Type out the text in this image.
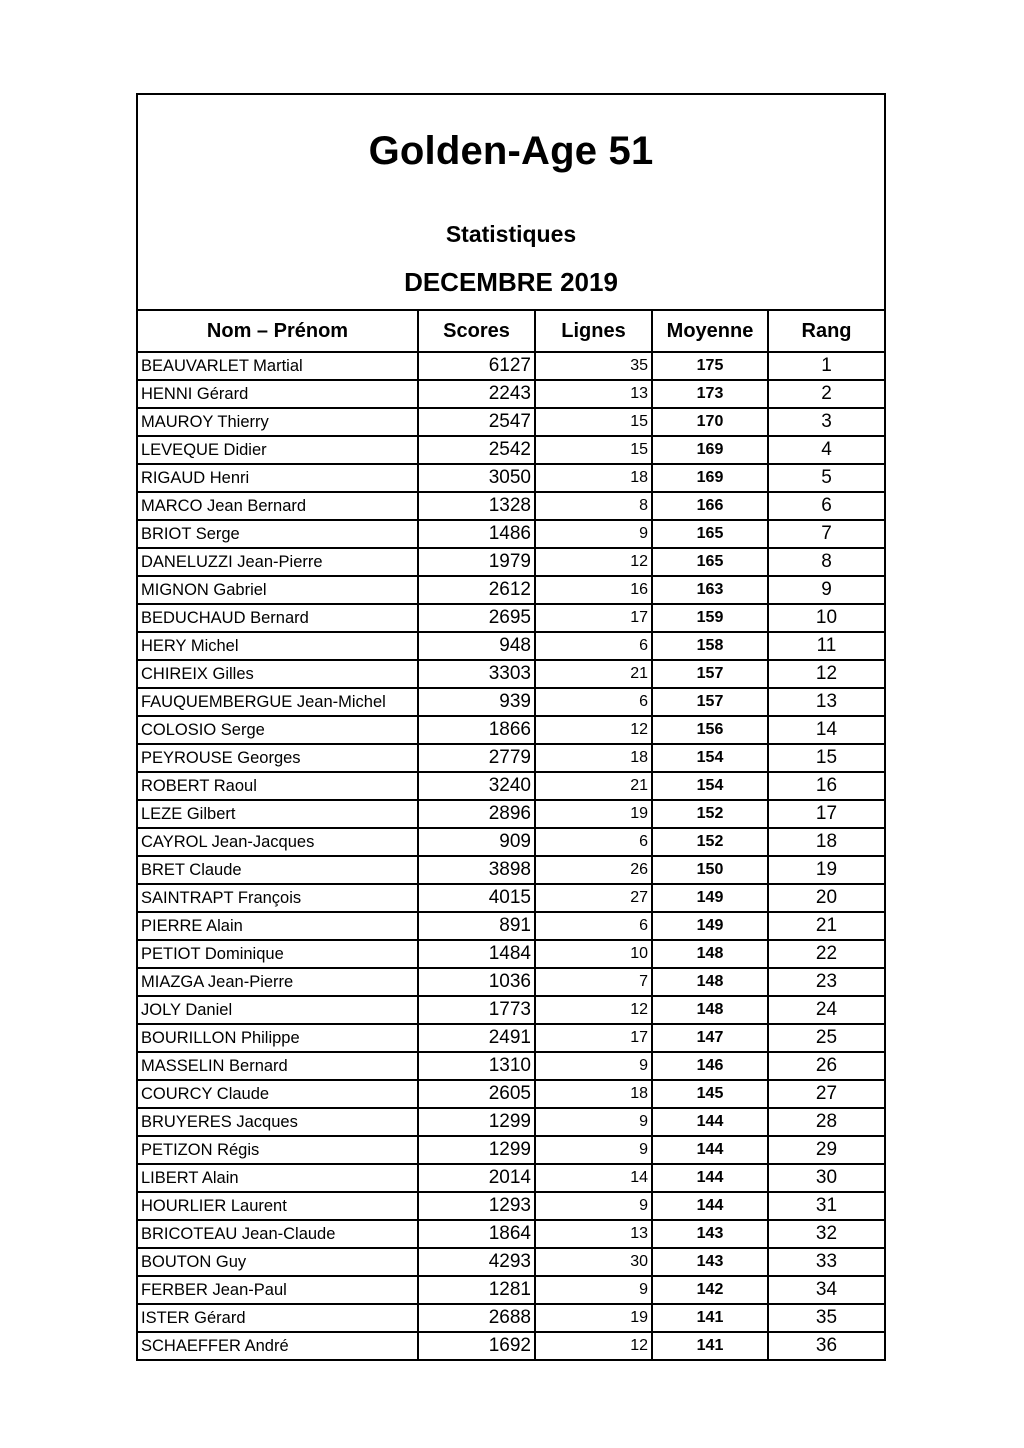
Golden-Age 51
Statistiques
DECEMBRE 2019
Nom – Prénom	Scores	Lignes	Moyenne	Rang
BEAUVARLET Martial	6127	35	175	1
HENNI Gérard	2243	13	173	2
MAUROY Thierry	2547	15	170	3
LEVEQUE Didier	2542	15	169	4
RIGAUD Henri	3050	18	169	5
MARCO Jean Bernard	1328	8	166	6
BRIOT Serge	1486	9	165	7
DANELUZZI Jean-Pierre	1979	12	165	8
MIGNON Gabriel	2612	16	163	9
BEDUCHAUD Bernard	2695	17	159	10
HERY Michel	948	6	158	11
CHIREIX Gilles	3303	21	157	12
FAUQUEMBERGUE Jean-Michel	939	6	157	13
COLOSIO Serge	1866	12	156	14
PEYROUSE Georges	2779	18	154	15
ROBERT Raoul	3240	21	154	16
LEZE Gilbert	2896	19	152	17
CAYROL Jean-Jacques	909	6	152	18
BRET Claude	3898	26	150	19
SAINTRAPT François	4015	27	149	20
PIERRE Alain	891	6	149	21
PETIOT Dominique	1484	10	148	22
MIAZGA Jean-Pierre	1036	7	148	23
JOLY Daniel	1773	12	148	24
BOURILLON Philippe	2491	17	147	25
MASSELIN Bernard	1310	9	146	26
COURCY Claude	2605	18	145	27
BRUYERES Jacques	1299	9	144	28
PETIZON Régis	1299	9	144	29
LIBERT Alain	2014	14	144	30
HOURLIER Laurent	1293	9	144	31
BRICOTEAU Jean-Claude	1864	13	143	32
BOUTON Guy	4293	30	143	33
FERBER Jean-Paul	1281	9	142	34
ISTER Gérard	2688	19	141	35
SCHAEFFER André	1692	12	141	36
